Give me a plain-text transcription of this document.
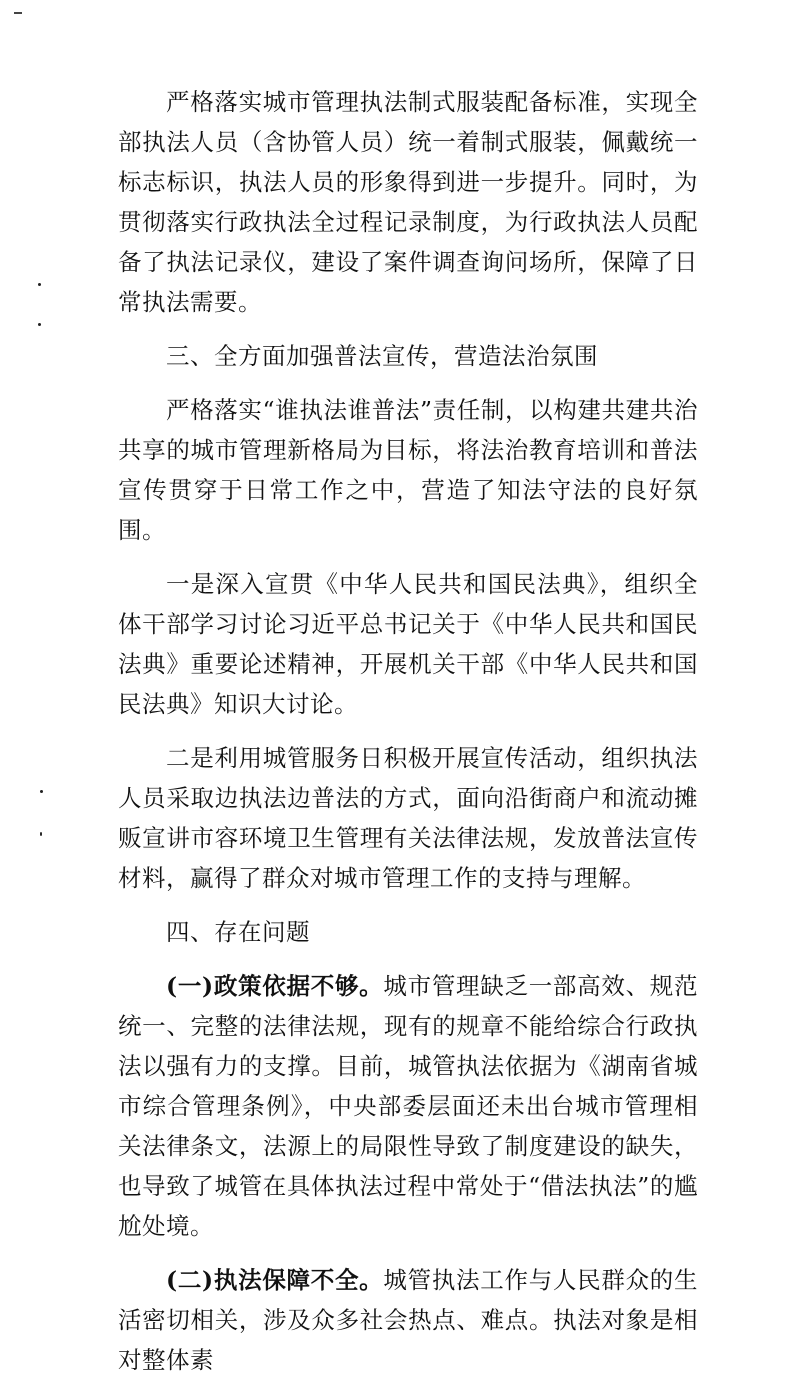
严格落实城市管理执法制式服装配备标准，实现全部执法人员（含协管人员）统一着制式服装，佩戴统一标志标识，执法人员的形象得到进一步提升。同时，为贯彻落实行政执法全过程记录制度，为行政执法人员配备了执法记录仪，建设了案件调查询问场所，保障了日常执法需要。

三、全方面加强普法宣传，营造法治氛围

严格落实“谁执法谁普法”责任制，以构建共建共治共享的城市管理新格局为目标，将法治教育培训和普法宣传贯穿于日常工作之中，营造了知法守法的良好氛围。

一是深入宣贯《中华人民共和国民法典》，组织全体干部学习讨论习近平总书记关于《中华人民共和国民法典》重要论述精神，开展机关干部《中华人民共和国民法典》知识大讨论。

二是利用城管服务日积极开展宣传活动，组织执法人员采取边执法边普法的方式，面向沿街商户和流动摊贩宣讲市容环境卫生管理有关法律法规，发放普法宣传材料，赢得了群众对城市管理工作的支持与理解。

四、存在问题

(一)政策依据不够。城市管理缺乏一部高效、规范统一、完整的法律法规，现有的规章不能给综合行政执法以强有力的支撑。目前，城管执法依据为《湖南省城市综合管理条例》，中央部委层面还未出台城市管理相关法律条文，法源上的局限性导致了制度建设的缺失，也导致了城管在具体执法过程中常处于“借法执法”的尴尬处境。

(二)执法保障不全。城管执法工作与人民群众的生活密切相关，涉及众多社会热点、难点。执法对象是相对整体素
